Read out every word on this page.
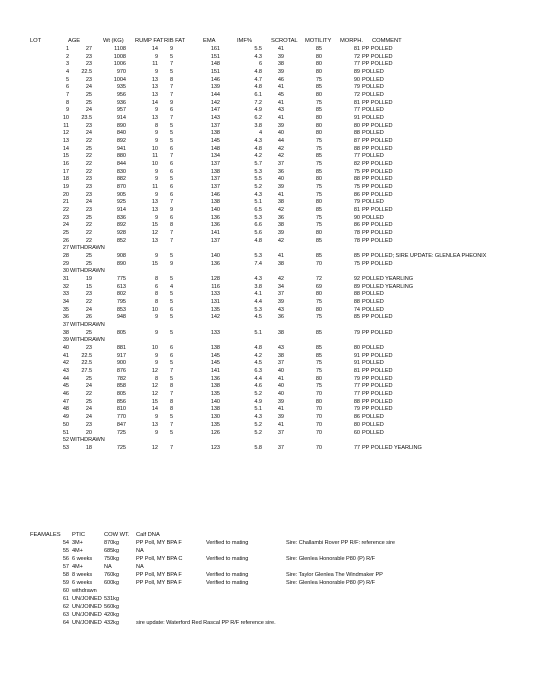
LOT	AGE	Wt (KG) RUMP FAT RIB FAT	EMA	IMF%	SCROTAL MOTILITY MORPH. COMMENT
1	27	1108	14 9	161	5.5	41	85	81 PP POLLED
2	23	1008	9 5	151	4.3	39	80	72 PP POLLED
3	23	1006	11 7	148	6	38	80	77 PP POLLED
4	22.5	970	9 5	151	4.8	39	80	89 POLLED
5	23	1004	13 8	146	4.7	46	75	90 POLLED
6	24	935	13 7	139	4.8	41	85	79 POLLED
7	25	956	13 7	144	6.1	45	80	72 POLLED
8	25	936	14 9	142	7.2	41	75	81 PP POLLED
9	24	957	9 6	147	4.9	43	85	77 POLLED
10	23.5	914	13 7	143	6.2	41	80	91 POLLED
11	23	890	8 5	137	3.8	39	80	80 PP POLLED
12	24	840	9 5	138	4	40	80	88 POLLED
13	22	892	9 5	145	4.3	44	75	87 PP POLLED
14	25	941	10 6	148	4.8	42	75	88 PP POLLED
15	22	880	11 7	134	4.2	42	85	77 POLLED
16	22	844	10 6	137	5.7	37	75	82 PP POLLED
17	22	830	9 6	138	5.3	36	85	75 PP POLLED
18	23	882	9 5	137	5.5	40	80	88 PP POLLED
19	23	870	11 6	137	5.2	39	75	75 PP POLLED
20	23	905	9 6	146	4.3	41	75	86 PP POLLED
21	24	925	13 7	138	5.1	38	80	79 POLLED
22	23	914	13 9	140	6.5	42	85	81 PP POLLED
23	25	836	9 6	136	5.3	36	75	90 POLLED
24	22	892	15 8	136	6.6	38	75	86 PP POLLED
25	22	928	12 7	141	5.6	39	80	78 PP POLLED
26	22	852	13 7	137	4.8	42	85	78 PP POLLED
27 WITHDRAWN
28	25	908	9 5	140	5.3	41	85	85 PP POLLED; SIRE UPDATE: GLENLEA PHEONIX
29	25	890	15 9	136	7.4	38	70	75 PP POLLED
30 WITHDRAWN
31	19	775	8 5	128	4.3	42	72	92 POLLED YEARLING
32	15	613	6 4	116	3.8	34	69	89 POLLED YEARLING
33	23	802	8 5	133	4.1	37	80	88 POLLED
34	22	795	8 5	131	4.4	39	75	88 POLLED
35	24	853	10 6	135	5.3	43	80	74 POLLED
36	26	948	9 5	142	4.5	36	75	85 PP POLLED
37 WITHDRAWN
38	25	805	9 5	133	5.1	38	85	79 PP POLLED
39 WITHDRAWN
40	23	881	10 6	138	4.8	43	85	80 POLLED
41	22.5	917	9 6	145	4.2	38	85	91 PP POLLED
42	22.5	900	9 5	145	4.5	37	75	91 POLLED
43	27.5	876	12 7	141	6.3	40	75	81 PP POLLED
44	25	782	8 5	136	4.4	41	80	79 PP POLLED
45	24	858	12 8	138	4.6	40	75	77 PP POLLED
46	22	805	12 7	135	5.2	40	70	77 PP POLLED
47	25	856	15 8	140	4.9	39	80	88 PP POLLED
48	24	810	14 8	138	5.1	41	70	79 PP POLLED
49	24	770	9 5	130	4.3	39	70	86 POLLED
50	23	847	13 7	135	5.2	41	70	80 POLLED
51	20	725	9 5	126	5.2	37	70	60 POLLED
52 WITHDRAWN
53	18	725	12 7	123	5.8	37	70	77 PP POLLED YEARLING
FEAMALES PTIC	COW WT. Calf DNA
54 3M+	870kg	PP Poll, MY BPA F	Verified to mating	Sire: Challambi Rover PP R/F: reference sire
55 4M+	685kg	NA
56 6 weeks 750kg	PP Poll, MY BPA C	Verified to mating	Sire: Glenlea Honorable P80 (P) R/F
57 4M+	NA	NA
58 8 weeks 760kg	PP Poll, MY BPA F	Verified to mating	Sire: Taylor Glenlea The Windmaker PP
59 6 weeks 600kg	PP Poll, MY BPA F	Verified to mating	Sire: Glenlea Honorable P80 (P) R/F
60 withdrawn
61 UN/JOINED 531kg
62 UN/JOINED 560kg
63 UN/JOINED 420kg
64 UN/JOINED 432kg	sire update: Waterford Red Rascal PP R/F reference sire.
